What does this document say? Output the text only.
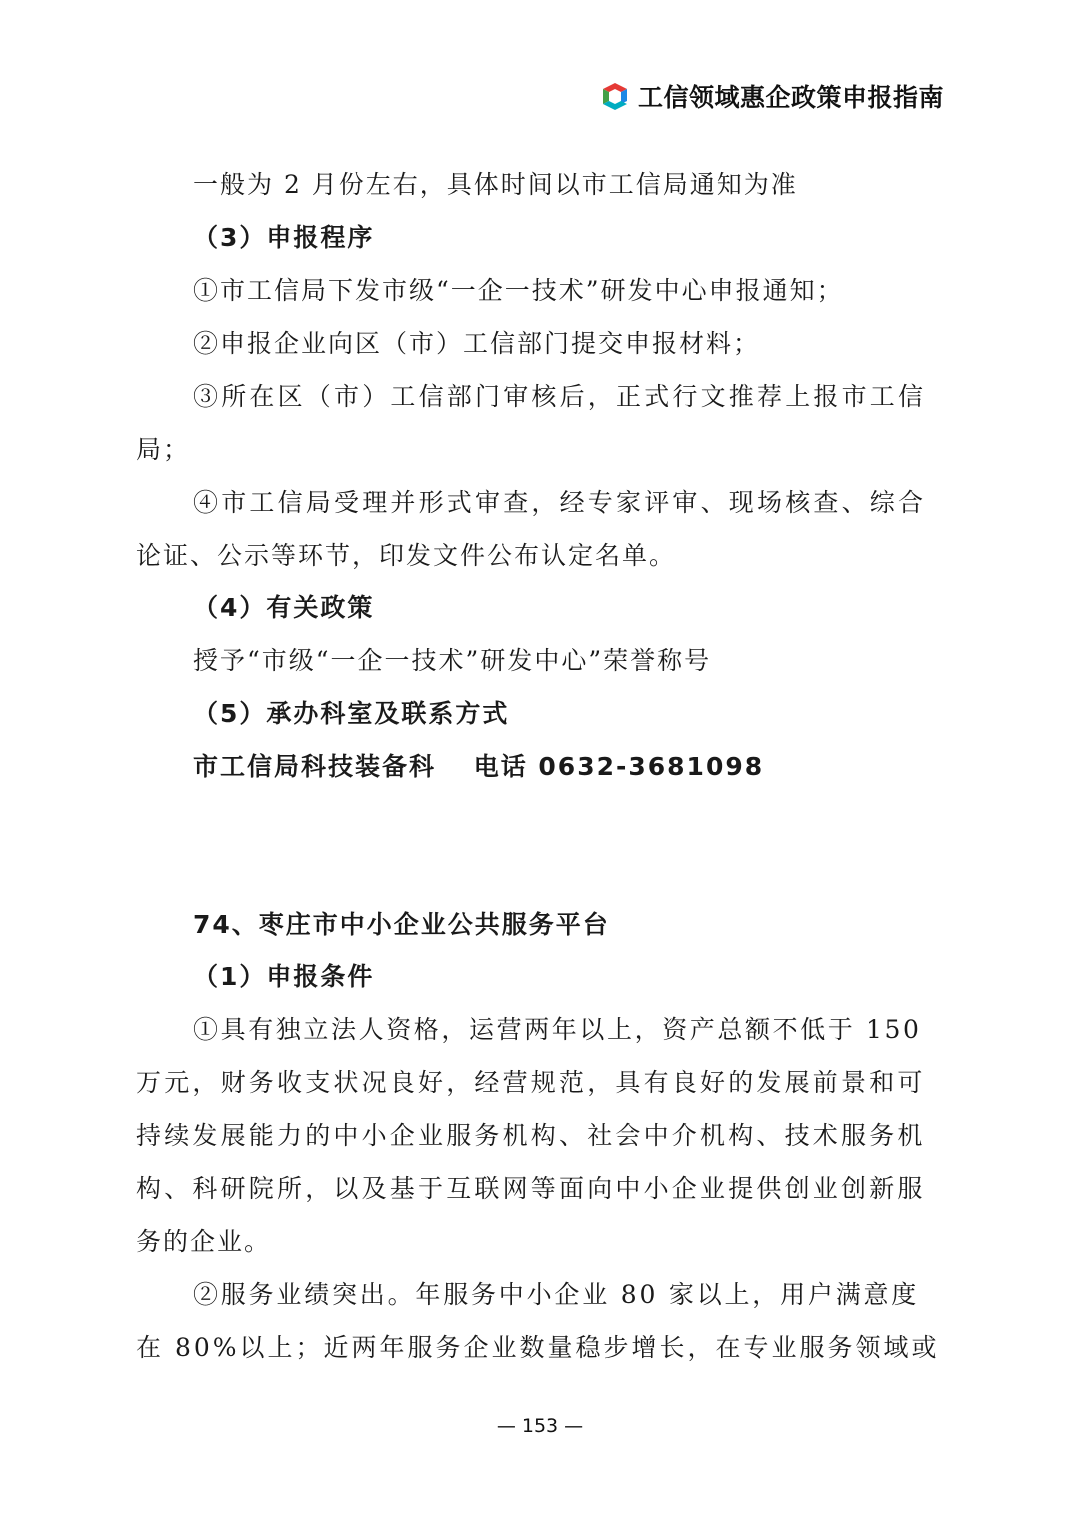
工信领域惠企政策申报指南
一般为 2 月份左右，具体时间以市工信局通知为准
（3）申报程序
①市工信局下发市级“一企一技术”研发中心申报通知；
②申报企业向区（市）工信部门提交申报材料；
③所在区（市）工信部门审核后，正式行文推荐上报市工信
局；
④市工信局受理并形式审查，经专家评审、现场核查、综合
论证、公示等环节，印发文件公布认定名单。
（4）有关政策
授予“市级“一企一技术”研发中心”荣誉称号
（5）承办科室及联系方式
市工信局科技装备科　 电话 0632-3681098
74、枣庄市中小企业公共服务平台
（1）申报条件
①具有独立法人资格，运营两年以上，资产总额不低于 150
万元，财务收支状况良好，经营规范，具有良好的发展前景和可
持续发展能力的中小企业服务机构、社会中介机构、技术服务机
构、科研院所，以及基于互联网等面向中小企业提供创业创新服
务的企业。
②服务业绩突出。年服务中小企业 80 家以上，用户满意度
在 80%以上；近两年服务企业数量稳步增长，在专业服务领域或
— 153 —
